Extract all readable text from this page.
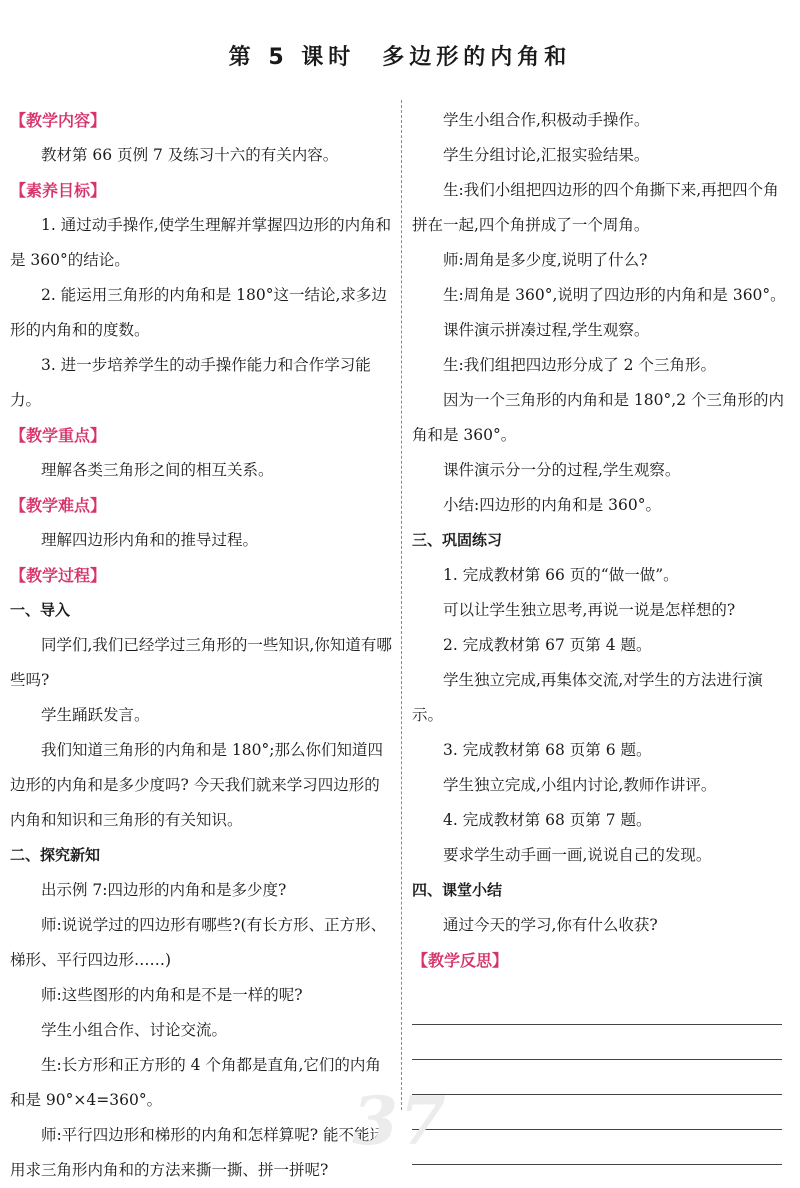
第 5 课时　多边形的内角和

【教学内容】

教材第 66 页例 7 及练习十六的有关内容。

【素养目标】

1. 通过动手操作,使学生理解并掌握四边形的内角和是 360°的结论。

2. 能运用三角形的内角和是 180°这一结论,求多边形的内角和的度数。

3. 进一步培养学生的动手操作能力和合作学习能力。

【教学重点】

理解各类三角形之间的相互关系。

【教学难点】

理解四边形内角和的推导过程。

【教学过程】

一、导入

同学们,我们已经学过三角形的一些知识,你知道有哪些吗?

学生踊跃发言。

我们知道三角形的内角和是 180°;那么你们知道四边形的内角和是多少度吗? 今天我们就来学习四边形的内角和知识和三角形的有关知识。

二、探究新知

出示例 7:四边形的内角和是多少度?

师:说说学过的四边形有哪些?(有长方形、正方形、梯形、平行四边形……)

师:这些图形的内角和是不是一样的呢?

学生小组合作、讨论交流。

生:长方形和正方形的 4 个角都是直角,它们的内角和是 90°×4=360°。

师:平行四边形和梯形的内角和怎样算呢? 能不能运用求三角形内角和的方法来撕一撕、拼一拼呢?

学生小组合作,积极动手操作。

学生分组讨论,汇报实验结果。

生:我们小组把四边形的四个角撕下来,再把四个角拼在一起,四个角拼成了一个周角。

师:周角是多少度,说明了什么?

生:周角是 360°,说明了四边形的内角和是 360°。

课件演示拼凑过程,学生观察。

生:我们组把四边形分成了 2 个三角形。

因为一个三角形的内角和是 180°,2 个三角形的内角和是 360°。

课件演示分一分的过程,学生观察。

小结:四边形的内角和是 360°。

三、巩固练习

1. 完成教材第 66 页的“做一做”。

可以让学生独立思考,再说一说是怎样想的?

2. 完成教材第 67 页第 4 题。

学生独立完成,再集体交流,对学生的方法进行演示。

3. 完成教材第 68 页第 6 题。

学生独立完成,小组内讨论,教师作讲评。

4. 完成教材第 68 页第 7 题。

要求学生动手画一画,说说自己的发现。

四、课堂小结

通过今天的学习,你有什么收获?

【教学反思】

37
